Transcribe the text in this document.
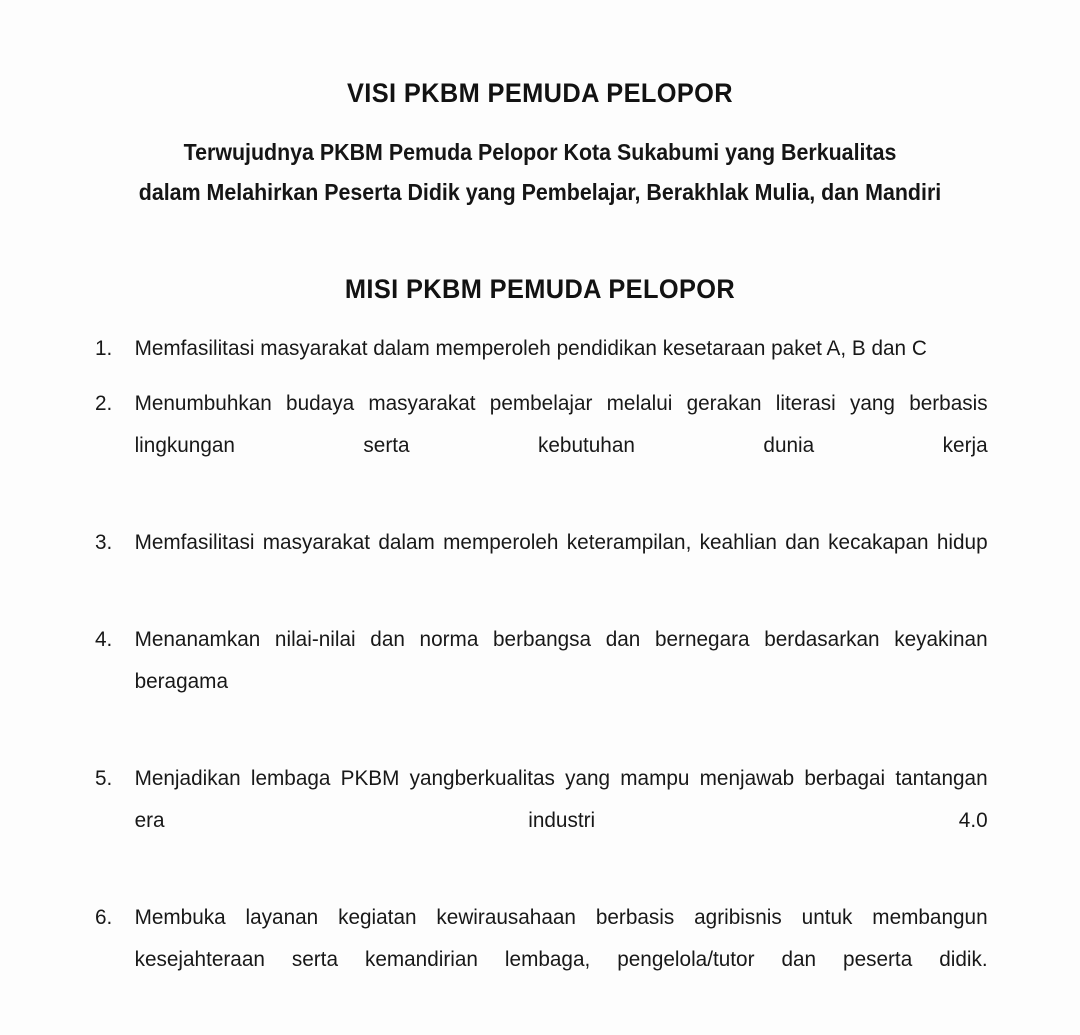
VISI PKBM PEMUDA PELOPOR
Terwujudnya PKBM Pemuda Pelopor Kota Sukabumi yang Berkualitas
dalam Melahirkan Peserta Didik yang Pembelajar, Berakhlak Mulia, dan Mandiri
MISI PKBM PEMUDA PELOPOR
1.	Memfasilitasi masyarakat dalam memperoleh pendidikan kesetaraan paket A, B dan C
2.	Menumbuhkan budaya masyarakat pembelajar melalui gerakan literasi yang berbasis lingkungan serta kebutuhan dunia kerja
3.	Memfasilitasi masyarakat dalam memperoleh keterampilan, keahlian dan kecakapan hidup
4.	Menanamkan nilai-nilai dan norma berbangsa dan bernegara berdasarkan keyakinan beragama
5.	Menjadikan lembaga PKBM yangberkualitas yang mampu menjawab berbagai tantangan era industri 4.0
6.	Membuka layanan kegiatan kewirausahaan berbasis agribisnis untuk membangun kesejahteraan serta kemandirian lembaga, pengelola/tutor dan peserta didik.
